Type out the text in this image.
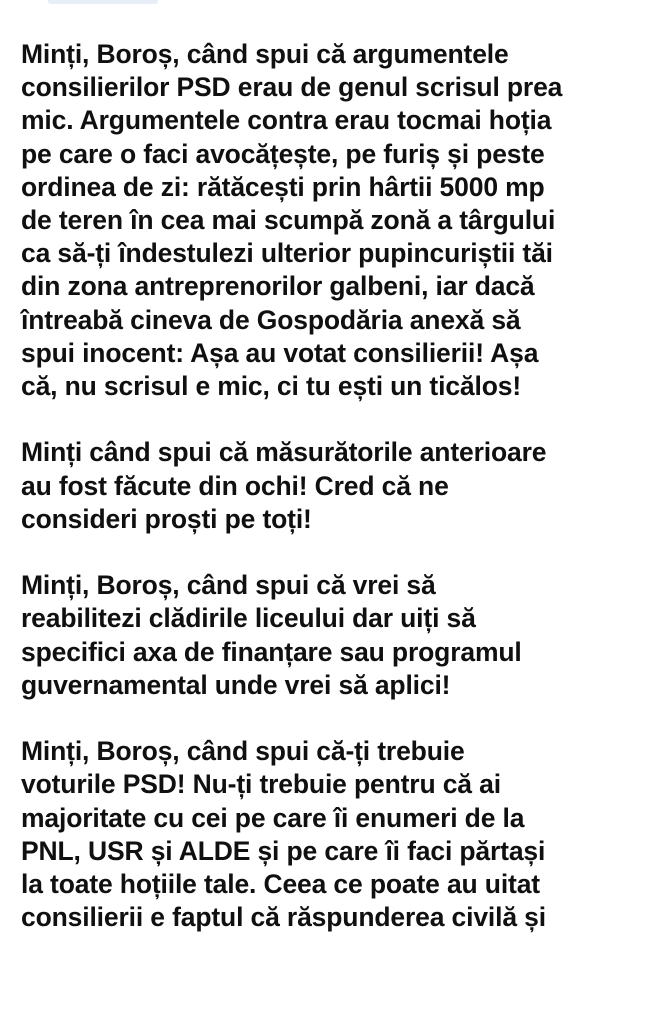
Minți, Boroș, când spui că argumentele
consilierilor PSD erau de genul scrisul prea
mic. Argumentele contra erau tocmai hoția
pe care o faci avocățește, pe furiș și peste
ordinea de zi: rătăcești prin hârtii 5000 mp
de teren în cea mai scumpă zonă a târgului
ca să-ți îndestulezi ulterior pupincuriștii tăi
din zona antreprenorilor galbeni, iar dacă
întreabă cineva de Gospodăria anexă să
spui inocent: Așa au votat consilierii! Așa
că, nu scrisul e mic, ci tu ești un ticălos!

Minți când spui că măsurătorile anterioare
au fost făcute din ochi! Cred că ne
consideri proști pe toți!

Minți, Boroș, când spui că vrei să
reabilitezi clădirile liceului dar uiți să
specifici axa de finanțare sau programul
guvernamental unde vrei să aplici!

Minți, Boroș, când spui că-ți trebuie
voturile PSD! Nu-ți trebuie pentru că ai
majoritate cu cei pe care îi enumeri de la
PNL, USR și ALDE și pe care îi faci părtași
la toate hoțiile tale. Ceea ce poate au uitat
consilierii e faptul că răspunderea civilă și
